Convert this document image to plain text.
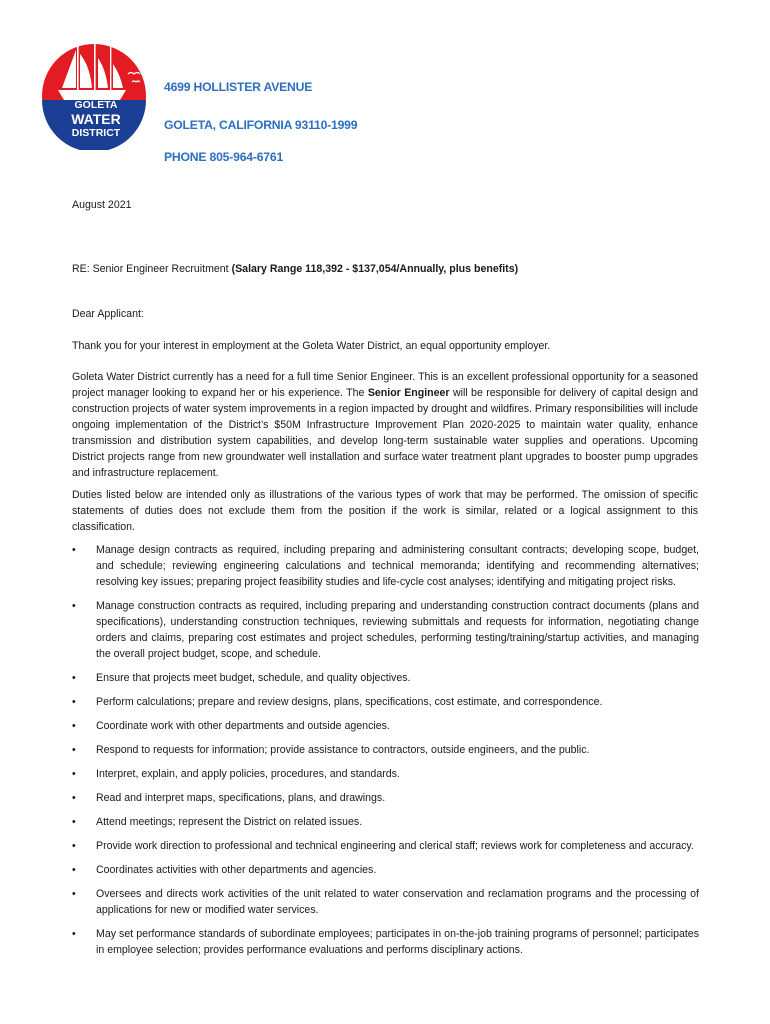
GOLETA
WATER
DISTRICT
4699 HOLLISTER AVENUE
GOLETA, CALIFORNIA 93110-1999
PHONE 805-964-6761
August 2021
RE: Senior Engineer Recruitment (Salary Range 118,392 - $137,054/Annually, plus benefits)
Dear Applicant:
Thank you for your interest in employment at the Goleta Water District, an equal opportunity employer.
Goleta Water District currently has a need for a full time Senior Engineer. This is an excellent professional opportunity for a seasoned project manager looking to expand her or his experience. The Senior Engineer will be responsible for delivery of capital design and construction projects of water system improvements in a region impacted by drought and wildfires. Primary responsibilities will include ongoing implementation of the District’s $50M Infrastructure Improvement Plan 2020-2025 to maintain water quality, enhance transmission and distribution system capabilities, and develop long-term sustainable water supplies and operations. Upcoming District projects range from new groundwater well installation and surface water treatment plant upgrades to booster pump upgrades and infrastructure replacement.
Duties listed below are intended only as illustrations of the various types of work that may be performed. The omission of specific statements of duties does not exclude them from the position if the work is similar, related or a logical assignment to this classification.
• Manage design contracts as required, including preparing and administering consultant contracts; developing scope, budget, and schedule; reviewing engineering calculations and technical memoranda; identifying and recommending alternatives; resolving key issues; preparing project feasibility studies and life-cycle cost analyses; identifying and mitigating project risks.
• Manage construction contracts as required, including preparing and understanding construction contract documents (plans and specifications), understanding construction techniques, reviewing submittals and requests for information, negotiating change orders and claims, preparing cost estimates and project schedules, performing testing/training/startup activities, and managing the overall project budget, scope, and schedule.
• Ensure that projects meet budget, schedule, and quality objectives.
• Perform calculations; prepare and review designs, plans, specifications, cost estimate, and correspondence.
• Coordinate work with other departments and outside agencies.
• Respond to requests for information; provide assistance to contractors, outside engineers, and the public.
• Interpret, explain, and apply policies, procedures, and standards.
• Read and interpret maps, specifications, plans, and drawings.
• Attend meetings; represent the District on related issues.
• Provide work direction to professional and technical engineering and clerical staff; reviews work for completeness and accuracy.
• Coordinates activities with other departments and agencies.
• Oversees and directs work activities of the unit related to water conservation and reclamation programs and the processing of applications for new or modified water services.
• May set performance standards of subordinate employees; participates in on-the-job training programs of personnel; participates in employee selection; provides performance evaluations and performs disciplinary actions.
